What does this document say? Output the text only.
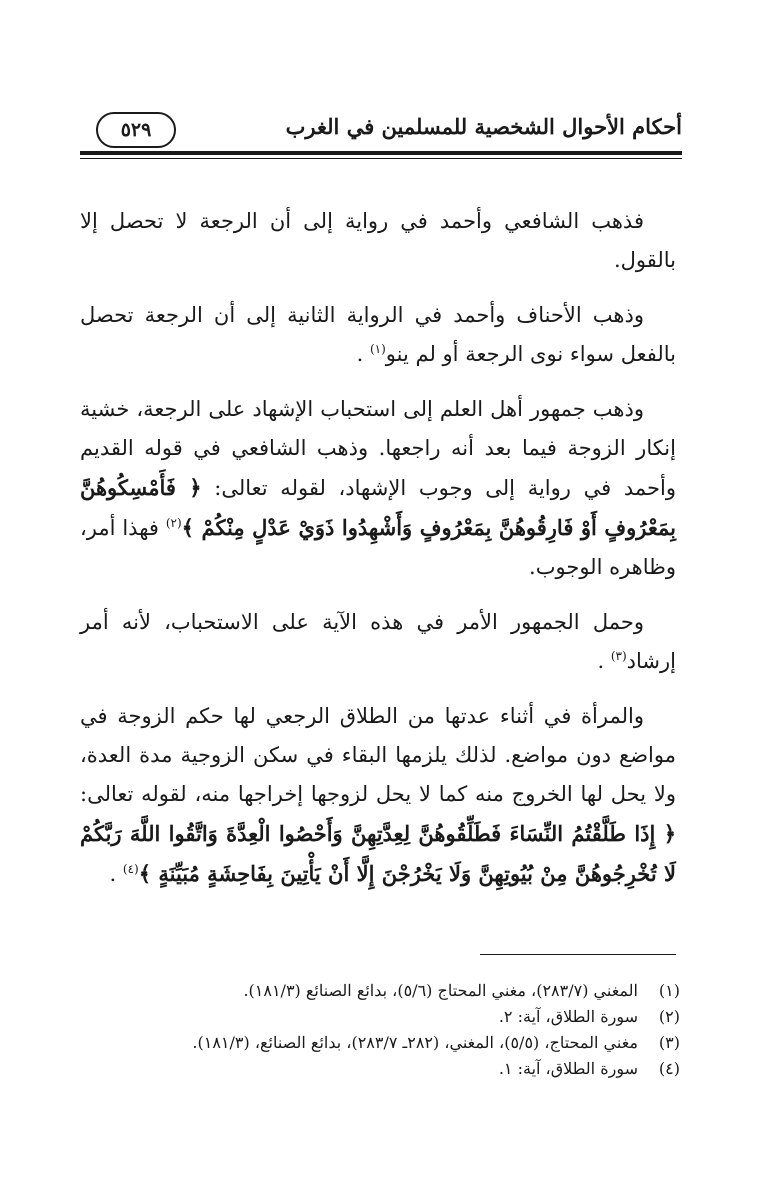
أحكام الأحوال الشخصية للمسلمين في الغرب
٥٢٩

فذهب الشافعي وأحمد في رواية إلى أن الرجعة لا تحصل إلا بالقول.

وذهب الأحناف وأحمد في الرواية الثانية إلى أن الرجعة تحصل بالفعل سواء نوى الرجعة أو لم ينو$^{(١)}$ .

وذهب جمهور أهل العلم إلى استحباب الإشهاد على الرجعة، خشية إنكار الزوجة فيما بعد أنه راجعها. وذهب الشافعي في قوله القديم وأحمد في رواية إلى وجوب الإشهاد، لقوله تعالى: ﴿ فَأَمْسِكُوهُنَّ بِمَعْرُوفٍ أَوْ فَارِقُوهُنَّ بِمَعْرُوفٍ وَأَشْهِدُوا ذَوَيْ عَدْلٍ مِنْكُمْ ﴾$^{(٢)}$ فهذا أمر، وظاهره الوجوب.

وحمل الجمهور الأمر في هذه الآية على الاستحباب، لأنه أمر إرشاد$^{(٣)}$ .

والمرأة في أثناء عدتها من الطلاق الرجعي لها حكم الزوجة في مواضع دون مواضع. لذلك يلزمها البقاء في سكن الزوجية مدة العدة، ولا يحل لها الخروج منه كما لا يحل لزوجها إخراجها منه، لقوله تعالى: ﴿ إِذَا طَلَّقْتُمُ النِّسَاءَ فَطَلِّقُوهُنَّ لِعِدَّتِهِنَّ وَأَحْصُوا الْعِدَّةَ وَاتَّقُوا اللَّهَ رَبَّكُمْ لَا تُخْرِجُوهُنَّ مِنْ بُيُوتِهِنَّ وَلَا يَخْرُجْنَ إِلَّا أَنْ يَأْتِينَ بِفَاحِشَةٍ مُبَيِّنَةٍ ﴾$^{(٤)}$ .

(١)
المغني (٢٨٣/٧)، مغني المحتاج (٥/٦)، بدائع الصنائع (١٨١/٣).
(٢)
سورة الطلاق، آية: ٢.
(٣)
مغني المحتاج، (٥/٥)، المغني، (٢٨٢ـ ٢٨٣/٧)، بدائع الصنائع، (١٨١/٣).
(٤)
سورة الطلاق، آية: ١.
